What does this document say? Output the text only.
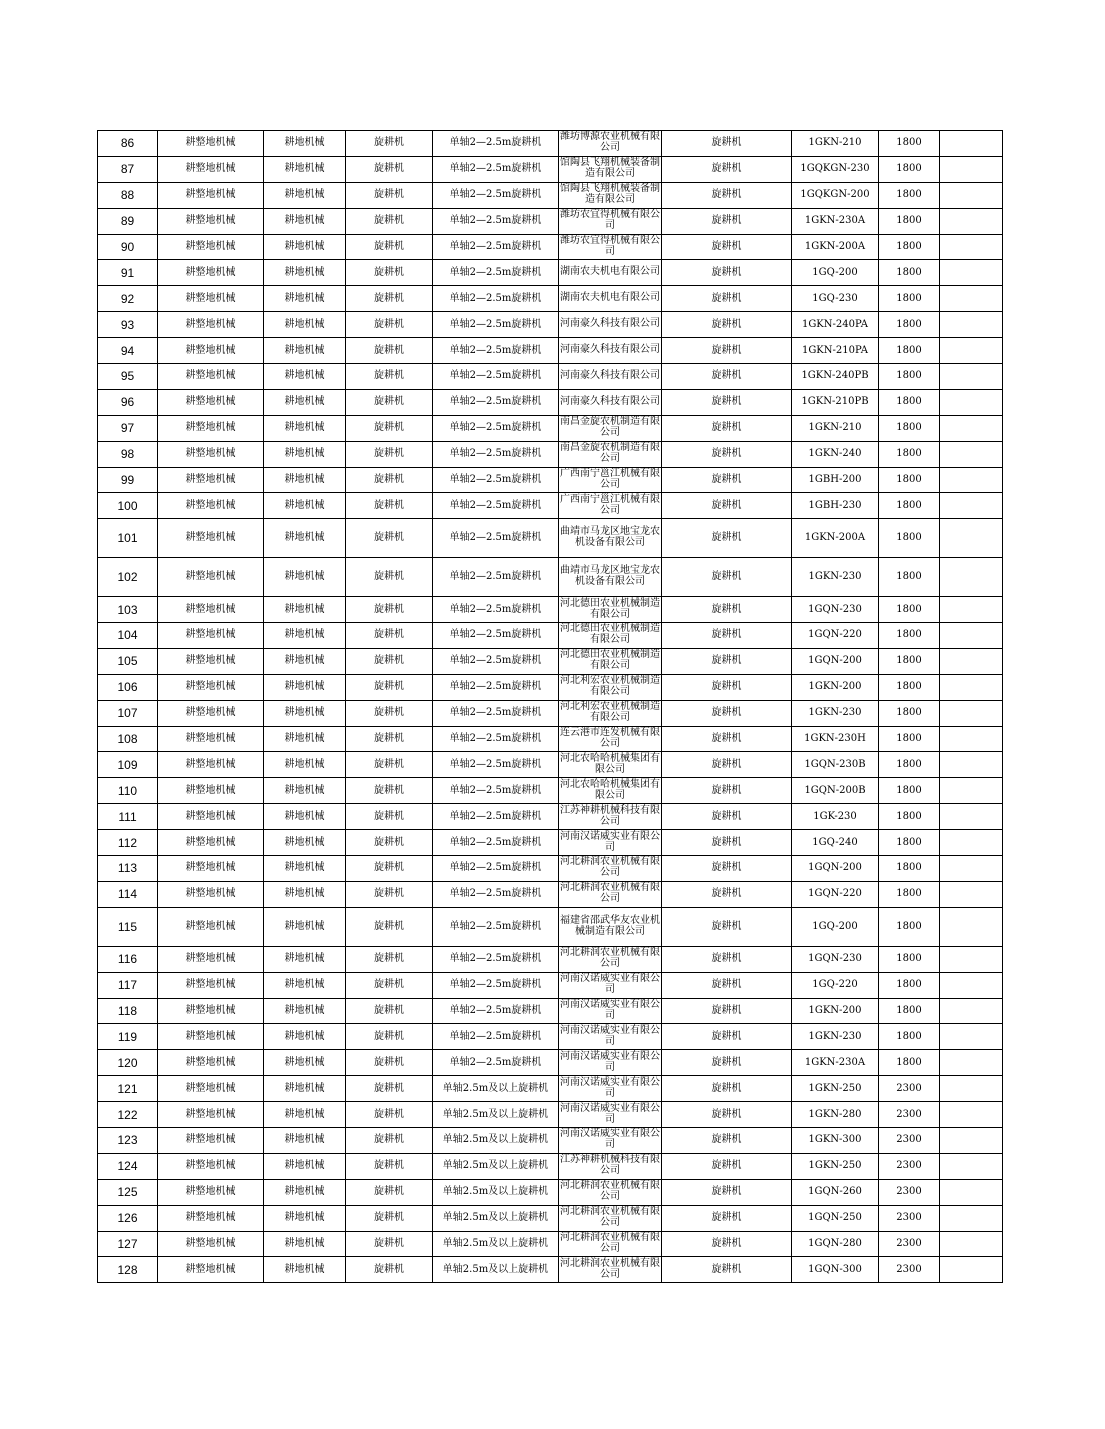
86	耕整地机械	耕地机械	旋耕机	单轴2—2.5m旋耕机	潍坊博源农业机械有限公司	旋耕机	1GKN-210	1800	
87	耕整地机械	耕地机械	旋耕机	单轴2—2.5m旋耕机	馆陶县飞翔机械装备制造有限公司	旋耕机	1GQKGN-230	1800	
88	耕整地机械	耕地机械	旋耕机	单轴2—2.5m旋耕机	馆陶县飞翔机械装备制造有限公司	旋耕机	1GQKGN-200	1800	
89	耕整地机械	耕地机械	旋耕机	单轴2—2.5m旋耕机	潍坊农宜得机械有限公司	旋耕机	1GKN-230A	1800	
90	耕整地机械	耕地机械	旋耕机	单轴2—2.5m旋耕机	潍坊农宜得机械有限公司	旋耕机	1GKN-200A	1800	
91	耕整地机械	耕地机械	旋耕机	单轴2—2.5m旋耕机	湖南农夫机电有限公司	旋耕机	1GQ-200	1800	
92	耕整地机械	耕地机械	旋耕机	单轴2—2.5m旋耕机	湖南农夫机电有限公司	旋耕机	1GQ-230	1800	
93	耕整地机械	耕地机械	旋耕机	单轴2—2.5m旋耕机	河南豪久科技有限公司	旋耕机	1GKN-240PA	1800	
94	耕整地机械	耕地机械	旋耕机	单轴2—2.5m旋耕机	河南豪久科技有限公司	旋耕机	1GKN-210PA	1800	
95	耕整地机械	耕地机械	旋耕机	单轴2—2.5m旋耕机	河南豪久科技有限公司	旋耕机	1GKN-240PB	1800	
96	耕整地机械	耕地机械	旋耕机	单轴2—2.5m旋耕机	河南豪久科技有限公司	旋耕机	1GKN-210PB	1800	
97	耕整地机械	耕地机械	旋耕机	单轴2—2.5m旋耕机	南昌金旋农机制造有限公司	旋耕机	1GKN-210	1800	
98	耕整地机械	耕地机械	旋耕机	单轴2—2.5m旋耕机	南昌金旋农机制造有限公司	旋耕机	1GKN-240	1800	
99	耕整地机械	耕地机械	旋耕机	单轴2—2.5m旋耕机	广西南宁邕江机械有限公司	旋耕机	1GBH-200	1800	
100	耕整地机械	耕地机械	旋耕机	单轴2—2.5m旋耕机	广西南宁邕江机械有限公司	旋耕机	1GBH-230	1800	
101	耕整地机械	耕地机械	旋耕机	单轴2—2.5m旋耕机	曲靖市马龙区地宝龙农机设备有限公司	旋耕机	1GKN-200A	1800	
102	耕整地机械	耕地机械	旋耕机	单轴2—2.5m旋耕机	曲靖市马龙区地宝龙农机设备有限公司	旋耕机	1GKN-230	1800	
103	耕整地机械	耕地机械	旋耕机	单轴2—2.5m旋耕机	河北德田农业机械制造有限公司	旋耕机	1GQN-230	1800	
104	耕整地机械	耕地机械	旋耕机	单轴2—2.5m旋耕机	河北德田农业机械制造有限公司	旋耕机	1GQN-220	1800	
105	耕整地机械	耕地机械	旋耕机	单轴2—2.5m旋耕机	河北德田农业机械制造有限公司	旋耕机	1GQN-200	1800	
106	耕整地机械	耕地机械	旋耕机	单轴2—2.5m旋耕机	河北利宏农业机械制造有限公司	旋耕机	1GKN-200	1800	
107	耕整地机械	耕地机械	旋耕机	单轴2—2.5m旋耕机	河北利宏农业机械制造有限公司	旋耕机	1GKN-230	1800	
108	耕整地机械	耕地机械	旋耕机	单轴2—2.5m旋耕机	连云港市连发机械有限公司	旋耕机	1GKN-230H	1800	
109	耕整地机械	耕地机械	旋耕机	单轴2—2.5m旋耕机	河北农哈哈机械集团有限公司	旋耕机	1GQN-230B	1800	
110	耕整地机械	耕地机械	旋耕机	单轴2—2.5m旋耕机	河北农哈哈机械集团有限公司	旋耕机	1GQN-200B	1800	
111	耕整地机械	耕地机械	旋耕机	单轴2—2.5m旋耕机	江苏神耕机械科技有限公司	旋耕机	1GK-230	1800	
112	耕整地机械	耕地机械	旋耕机	单轴2—2.5m旋耕机	河南汉诺威实业有限公司	旋耕机	1GQ-240	1800	
113	耕整地机械	耕地机械	旋耕机	单轴2—2.5m旋耕机	河北耕润农业机械有限公司	旋耕机	1GQN-200	1800	
114	耕整地机械	耕地机械	旋耕机	单轴2—2.5m旋耕机	河北耕润农业机械有限公司	旋耕机	1GQN-220	1800	
115	耕整地机械	耕地机械	旋耕机	单轴2—2.5m旋耕机	福建省邵武华友农业机械制造有限公司	旋耕机	1GQ-200	1800	
116	耕整地机械	耕地机械	旋耕机	单轴2—2.5m旋耕机	河北耕润农业机械有限公司	旋耕机	1GQN-230	1800	
117	耕整地机械	耕地机械	旋耕机	单轴2—2.5m旋耕机	河南汉诺威实业有限公司	旋耕机	1GQ-220	1800	
118	耕整地机械	耕地机械	旋耕机	单轴2—2.5m旋耕机	河南汉诺威实业有限公司	旋耕机	1GKN-200	1800	
119	耕整地机械	耕地机械	旋耕机	单轴2—2.5m旋耕机	河南汉诺威实业有限公司	旋耕机	1GKN-230	1800	
120	耕整地机械	耕地机械	旋耕机	单轴2—2.5m旋耕机	河南汉诺威实业有限公司	旋耕机	1GKN-230A	1800	
121	耕整地机械	耕地机械	旋耕机	单轴2.5m及以上旋耕机	河南汉诺威实业有限公司	旋耕机	1GKN-250	2300	
122	耕整地机械	耕地机械	旋耕机	单轴2.5m及以上旋耕机	河南汉诺威实业有限公司	旋耕机	1GKN-280	2300	
123	耕整地机械	耕地机械	旋耕机	单轴2.5m及以上旋耕机	河南汉诺威实业有限公司	旋耕机	1GKN-300	2300	
124	耕整地机械	耕地机械	旋耕机	单轴2.5m及以上旋耕机	江苏神耕机械科技有限公司	旋耕机	1GKN-250	2300	
125	耕整地机械	耕地机械	旋耕机	单轴2.5m及以上旋耕机	河北耕润农业机械有限公司	旋耕机	1GQN-260	2300	
126	耕整地机械	耕地机械	旋耕机	单轴2.5m及以上旋耕机	河北耕润农业机械有限公司	旋耕机	1GQN-250	2300	
127	耕整地机械	耕地机械	旋耕机	单轴2.5m及以上旋耕机	河北耕润农业机械有限公司	旋耕机	1GQN-280	2300	
128	耕整地机械	耕地机械	旋耕机	单轴2.5m及以上旋耕机	河北耕润农业机械有限公司	旋耕机	1GQN-300	2300	
